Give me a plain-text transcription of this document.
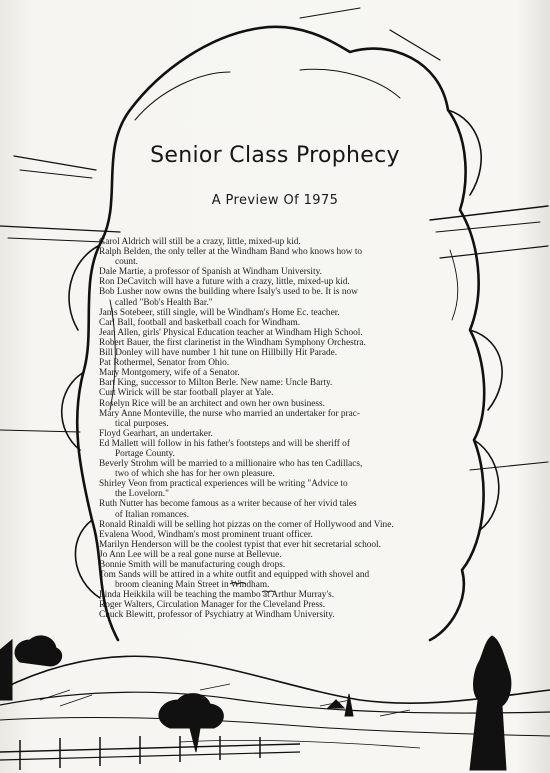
Senior Class Prophecy
A Preview Of 1975
Carol Aldrich will still be a crazy, little, mixed-up kid.
Ralph Belden, the only teller at the Windham Band who knows how to
count.
Dale Martie, a professor of Spanish at Windham University.
Ron DeCavitch will have a future with a crazy, little, mixed-up kid.
Bob Lusher now owns the building where Isaly's used to be. It is now
called "Bob's Health Bar."
Janis Sotebeer, still single, will be Windham's Home Ec. teacher.
Carl Ball, football and basketball coach for Windham.
Jean Allen, girls' Physical Education teacher at Windham High School.
Robert Bauer, the first clarinetist in the Windham Symphony Orchestra.
Bill Donley will have number 1 hit tune on Hillbilly Hit Parade.
Pat Rothermel, Senator from Ohio.
Mary Montgomery, wife of a Senator.
Bart King, successor to Milton Berle. New name: Uncle Barty.
Curt Wirick will be star football player at Yale.
Roselyn Rice will be an architect and own her own business.
Mary Anne Monteville, the nurse who married an undertaker for prac-
tical purposes.
Floyd Gearhart, an undertaker.
Ed Mallett will follow in his father's footsteps and will be sheriff of
Portage County.
Beverly Strohm will be married to a millionaire who has ten Cadillacs,
two of which she has for her own pleasure.
Shirley Veon from practical experiences will be writing "Advice to
the Lovelorn."
Ruth Nutter has become famous as a writer because of her vivid tales
of Italian romances.
Ronald Rinaldi will be selling hot pizzas on the corner of Hollywood and Vine.
Evalena Wood, Windham's most prominent truant officer.
Marilyn Henderson will be the coolest typist that ever hit secretarial school.
Jo Ann Lee will be a real gone nurse at Bellevue.
Bonnie Smith will be manufacturing cough drops.
Tom Sands will be attired in a white outfit and equipped with shovel and
broom cleaning Main Street in Windham.
Linda Heikkila will be teaching the mambo at Arthur Murray's.
Roger Walters, Circulation Manager for the Cleveland Press.
Chuck Blewitt, professor of Psychiatry at Windham University.
